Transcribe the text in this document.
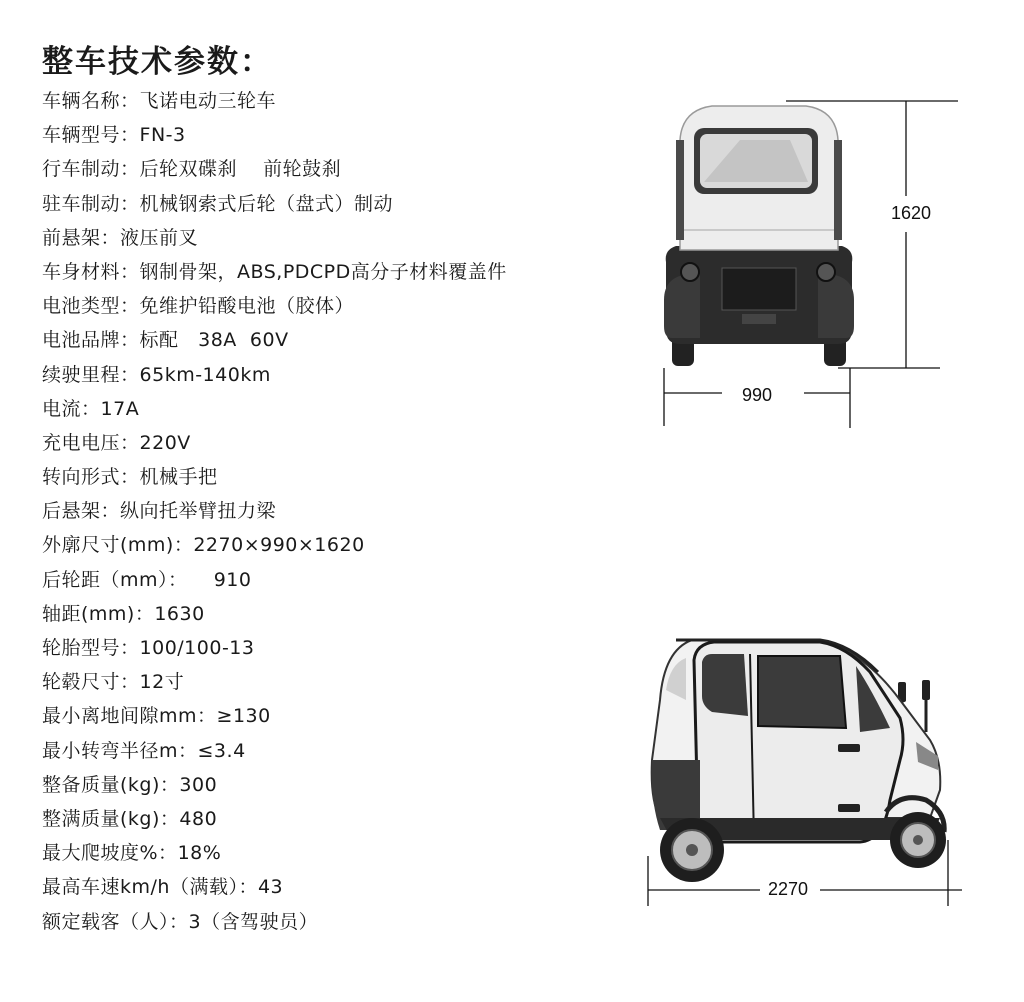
整车技术参数：
车辆名称：飞诺电动三轮车
车辆型号：FN-3
行车制动：后轮双碟刹    前轮鼓刹
驻车制动：机械钢索式后轮（盘式）制动
前悬架：液压前叉
车身材料：钢制骨架，ABS,PDCPD高分子材料覆盖件
电池类型：免维护铅酸电池（胶体）
电池品牌：标配   38A  60V
续驶里程：65km-140km
电流：17A
充电电压：220V
转向形式：机械手把
后悬架：纵向托举臂扭力梁
外廓尺寸(mm)：2270×990×1620
后轮距（mm）：    910
轴距(mm)：1630
轮胎型号：100/100-13
轮毂尺寸：12寸
最小离地间隙mm：≥130
最小转弯半径m：≤3.4
整备质量(kg)：300
整满质量(kg)：480
最大爬坡度%：18%
最高车速km/h（满载）：43
额定载客（人）：3（含驾驶员）
1620
990
2270
